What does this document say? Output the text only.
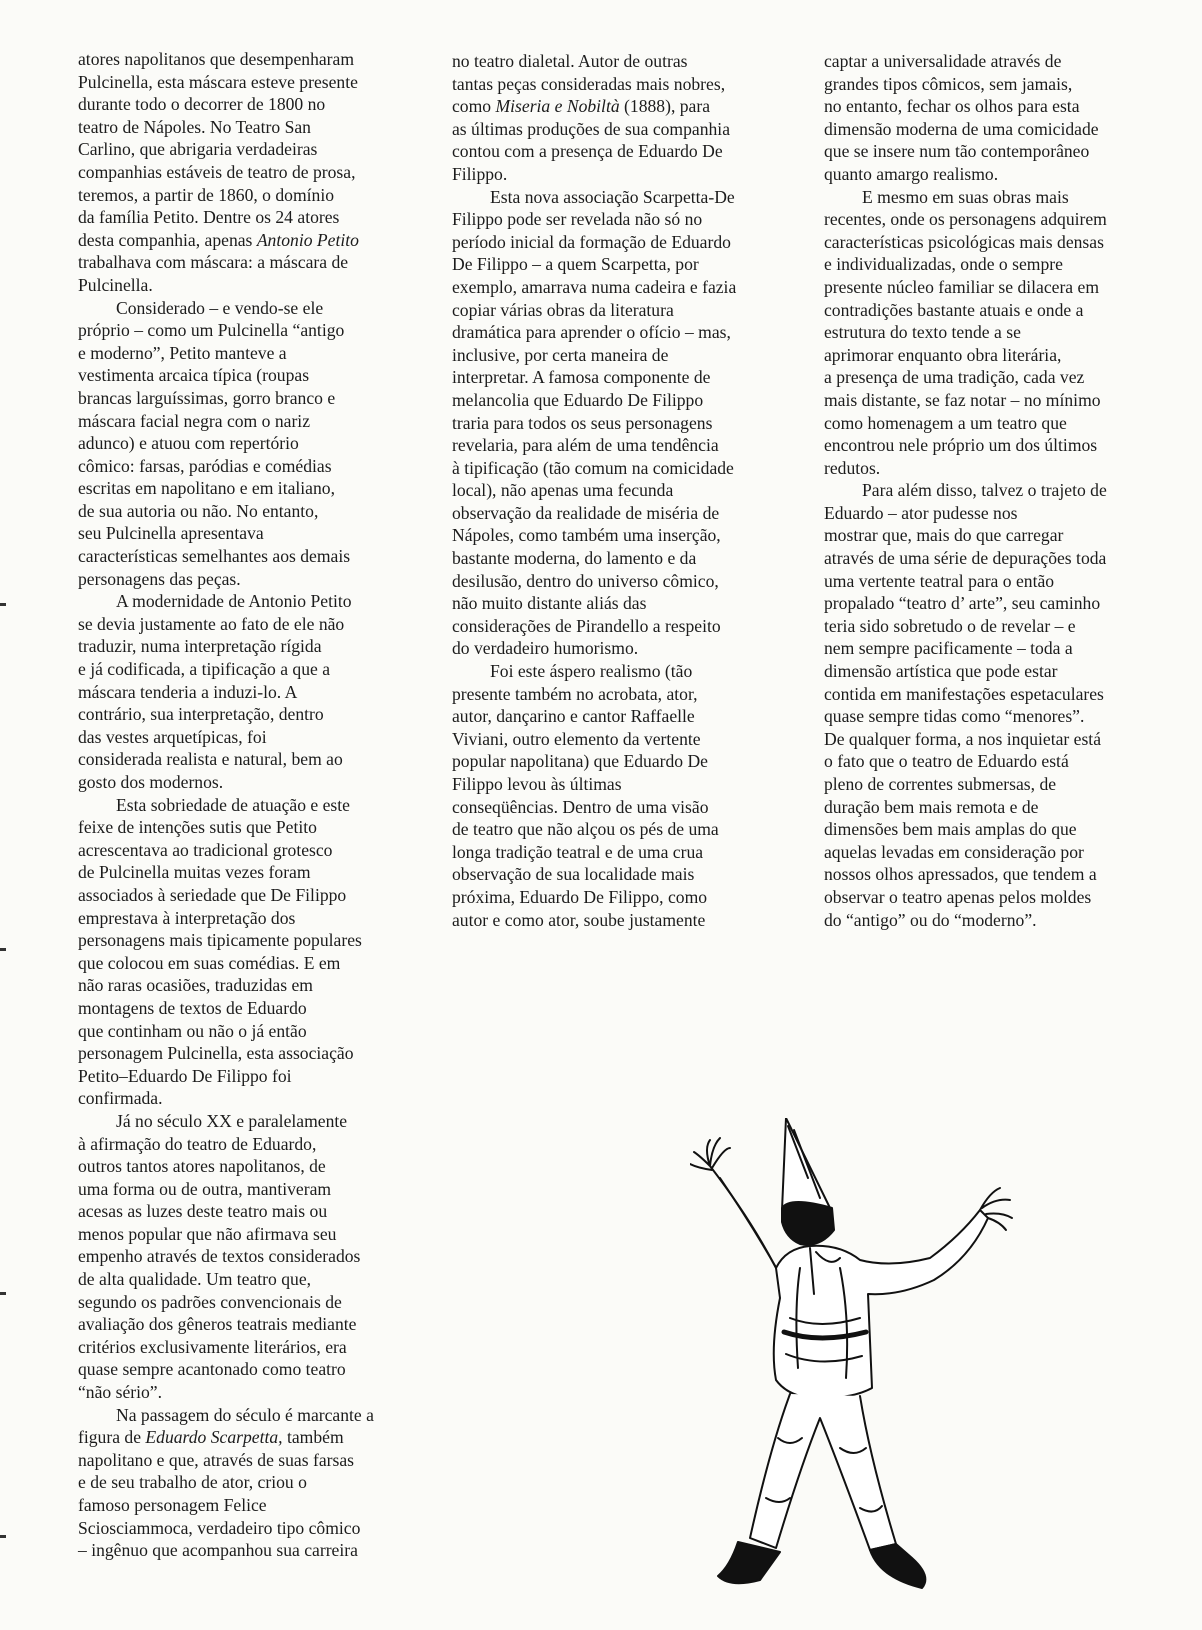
atores napolitanos que desempenharam
Pulcinella, esta máscara esteve presente
durante todo o decorrer de 1800 no
teatro de Nápoles. No Teatro San
Carlino, que abrigaria verdadeiras
companhias estáveis de teatro de prosa,
teremos, a partir de 1860, o domínio
da família Petito. Dentre os 24 atores
desta companhia, apenas Antonio Petito
trabalhava com máscara: a máscara de
Pulcinella.
Considerado – e vendo-se ele
próprio – como um Pulcinella “antigo
e moderno”, Petito manteve a
vestimenta arcaica típica (roupas
brancas larguíssimas, gorro branco e
máscara facial negra com o nariz
adunco) e atuou com repertório
cômico: farsas, paródias e comédias
escritas em napolitano e em italiano,
de sua autoria ou não. No entanto,
seu Pulcinella apresentava
características semelhantes aos demais
personagens das peças.
A modernidade de Antonio Petito
se devia justamente ao fato de ele não
traduzir, numa interpretação rígida
e já codificada, a tipificação a que a
máscara tenderia a induzi-lo. A
contrário, sua interpretação, dentro
das vestes arquetípicas, foi
considerada realista e natural, bem ao
gosto dos modernos.
Esta sobriedade de atuação e este
feixe de intenções sutis que Petito
acrescentava ao tradicional grotesco
de Pulcinella muitas vezes foram
associados à seriedade que De Filippo
emprestava à interpretação dos
personagens mais tipicamente populares
que colocou em suas comédias. E em
não raras ocasiões, traduzidas em
montagens de textos de Eduardo
que continham ou não o já então
personagem Pulcinella, esta associação
Petito–Eduardo De Filippo foi
confirmada.
Já no século XX e paralelamente
à afirmação do teatro de Eduardo,
outros tantos atores napolitanos, de
uma forma ou de outra, mantiveram
acesas as luzes deste teatro mais ou
menos popular que não afirmava seu
empenho através de textos considerados
de alta qualidade. Um teatro que,
segundo os padrões convencionais de
avaliação dos gêneros teatrais mediante
critérios exclusivamente literários, era
quase sempre acantonado como teatro
“não sério”.
Na passagem do século é marcante a
figura de Eduardo Scarpetta, também
napolitano e que, através de suas farsas
e de seu trabalho de ator, criou o
famoso personagem Felice
Sciosciammoca, verdadeiro tipo cômico
– ingênuo que acompanhou sua carreira
no teatro dialetal. Autor de outras
tantas peças consideradas mais nobres,
como Miseria e Nobiltà (1888), para
as últimas produções de sua companhia
contou com a presença de Eduardo De
Filippo.
Esta nova associação Scarpetta-De
Filippo pode ser revelada não só no
período inicial da formação de Eduardo
De Filippo – a quem Scarpetta, por
exemplo, amarrava numa cadeira e fazia
copiar várias obras da literatura
dramática para aprender o ofício – mas,
inclusive, por certa maneira de
interpretar. A famosa componente de
melancolia que Eduardo De Filippo
traria para todos os seus personagens
revelaria, para além de uma tendência
à tipificação (tão comum na comicidade
local), não apenas uma fecunda
observação da realidade de miséria de
Nápoles, como também uma inserção,
bastante moderna, do lamento e da
desilusão, dentro do universo cômico,
não muito distante aliás das
considerações de Pirandello a respeito
do verdadeiro humorismo.
Foi este áspero realismo (tão
presente também no acrobata, ator,
autor, dançarino e cantor Raffaelle
Viviani, outro elemento da vertente
popular napolitana) que Eduardo De
Filippo levou às últimas
conseqüências. Dentro de uma visão
de teatro que não alçou os pés de uma
longa tradição teatral e de uma crua
observação de sua localidade mais
próxima, Eduardo De Filippo, como
autor e como ator, soube justamente
captar a universalidade através de
grandes tipos cômicos, sem jamais,
no entanto, fechar os olhos para esta
dimensão moderna de uma comicidade
que se insere num tão contemporâneo
quanto amargo realismo.
E mesmo em suas obras mais
recentes, onde os personagens adquirem
características psicológicas mais densas
e individualizadas, onde o sempre
presente núcleo familiar se dilacera em
contradições bastante atuais e onde a
estrutura do texto tende a se
aprimorar enquanto obra literária,
a presença de uma tradição, cada vez
mais distante, se faz notar – no mínimo
como homenagem a um teatro que
encontrou nele próprio um dos últimos
redutos.
Para além disso, talvez o trajeto de
Eduardo – ator pudesse nos
mostrar que, mais do que carregar
através de uma série de depurações toda
uma vertente teatral para o então
propalado “teatro d’ arte”, seu caminho
teria sido sobretudo o de revelar – e
nem sempre pacificamente – toda a
dimensão artística que pode estar
contida em manifestações espetaculares
quase sempre tidas como “menores”.
De qualquer forma, a nos inquietar está
o fato que o teatro de Eduardo está
pleno de correntes submersas, de
duração bem mais remota e de
dimensões bem mais amplas do que
aquelas levadas em consideração por
nossos olhos apressados, que tendem a
observar o teatro apenas pelos moldes
do “antigo” ou do “moderno”.
